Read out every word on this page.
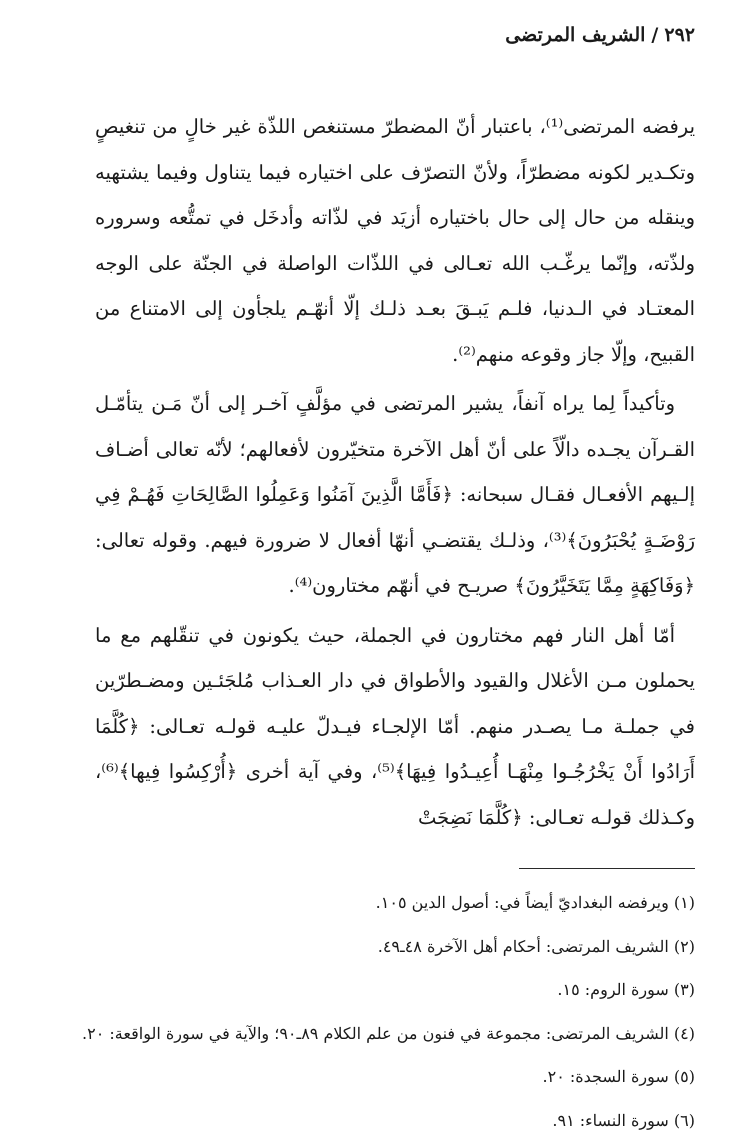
٢٩٢
/
الشريف المرتضى

يرفضه المرتضى⁽¹⁾، باعتبار أنّ المضطرّ مستنغص اللذّة غير خالٍ من تنغيصٍ وتكـدير لكونه مضطرّاً، ولأنّ التصرّف على اختياره فيما يتناول وفيما يشتهيه وينقله من حال إلى حال باختياره أزيَد في لذّاته وأدخَل في تمتُّعه وسروره ولذّته، وإنّما يرغّـب الله تعـالى في اللذّات الواصلة في الجنّة على الوجه المعتـاد في الـدنيا، فلـم يَبـقَ بعـد ذلـك إلّا أنهّـم يلجأون إلى الامتناع من القبيح، وإلّا جاز وقوعه منهم⁽²⁾.

وتأكيداً لِما يراه آنفاً، يشير المرتضى في مؤلَّفٍ آخـر إلى أنّ مَـن يتأمّـل القـرآن يجـده دالّاً على أنّ أهل الآخرة متخيّرون لأفعالهم؛ لأنّه تعالى أضـاف إلـيهم الأفعـال فقـال سبحانه: ﴿فَأَمَّا الَّذِينَ آمَنُوا وَعَمِلُوا الصَّالِحَاتِ فَهُـمْ فِي رَوْضَـةٍ يُحْبَرُونَ﴾⁽³⁾، وذلـك يقتضـي أنهّا أفعال لا ضرورة فيهم. وقوله تعالى: ﴿وَفَاكِهَةٍ مِمَّا يَتَخَيَّرُونَ﴾ صريـح في أنهّم مختارون⁽⁴⁾.

أمّا أهل النار فهم مختارون في الجملة، حيث يكونون في تنقّلهم مع ما يحملون مـن الأغلال والقيود والأطواق في دار العـذاب مُلجَئـين ومضـطرّين في جملـة مـا يصـدر منهم. أمّا الإلجـاء فيـدلّ عليـه قولـه تعـالى: ﴿كُلَّمَا أَرَادُوا أَنْ يَخْرُجُـوا مِنْهَـا أُعِيـدُوا فِيهَا﴾⁽⁵⁾، وفي آية أخرى ﴿أُرْكِسُوا فِيها﴾⁽⁶⁾، وكـذلك قولـه تعـالى: ﴿كُلَّمَا نَضِجَتْ

(١) ويرفضه البغداديّ أيضاً في: أصول الدين ١٠٥.
(٢) الشريف المرتضى: أحكام أهل الآخرة ٤٨ـ٤٩.
(٣) سورة الروم: ١٥.
(٤) الشريف المرتضى: مجموعة في فنون من علم الكلام ٨٩ـ٩٠؛ والآية في سورة الواقعة: ٢٠.
(٥) سورة السجدة: ٢٠.
(٦) سورة النساء: ٩١.
